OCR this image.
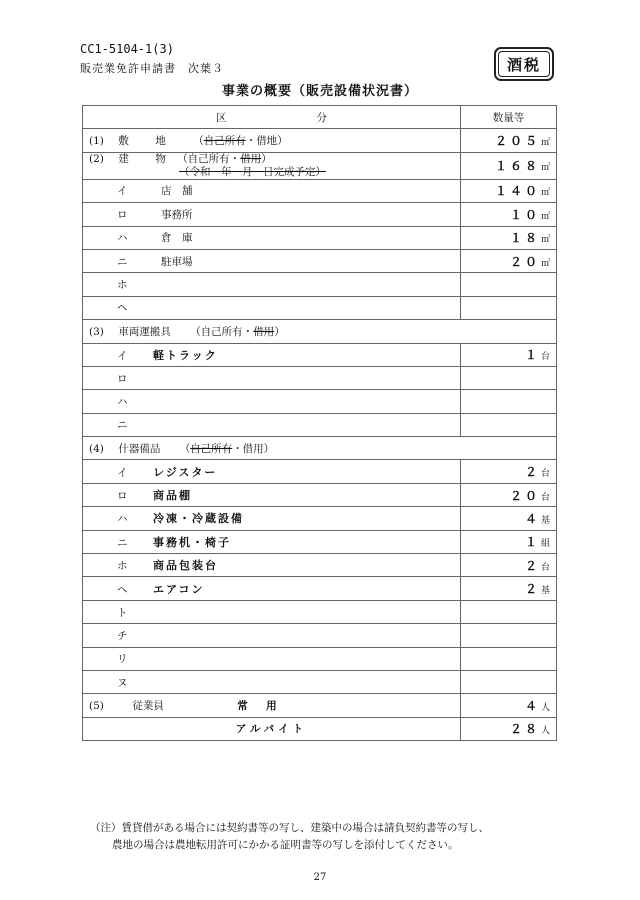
CC1-5104-1(3)
販売業免許申請書　次葉３
事業の概要（販売設備状況書）
酒税
区 分	数量等
(1) 敷　地 （自己所有・借地）	２０５㎡

(2) 建　物 （自己所有・借用）
（令和　年　月　日完成予定）	１６８㎡
イ 店　舗	１４０㎡
ロ 事務所	１０㎡
ハ 倉　庫	１８㎡
ニ 駐車場	２０㎡
ホ	
ヘ	
(3) 車両運搬具 （自己所有・借用）	
イ 軽トラック	１台
ロ	
ハ	
ニ	
(4) 什器備品 （自己所有・借用）	
イ レジスター	２台
ロ 商品棚	２０台
ハ 冷凍・冷蔵設備	４基
ニ 事務机・椅子	１組
ホ 商品包装台	２台
ヘ エアコン	２基
ト	
チ	
リ	
ヌ	
(5) 従業員 常　用	４人
アルバイト	２８人
（注）賃貸借がある場合には契約書等の写し、建築中の場合は請負契約書等の写し、
農地の場合は農地転用許可にかかる証明書等の写しを添付してください。
27
